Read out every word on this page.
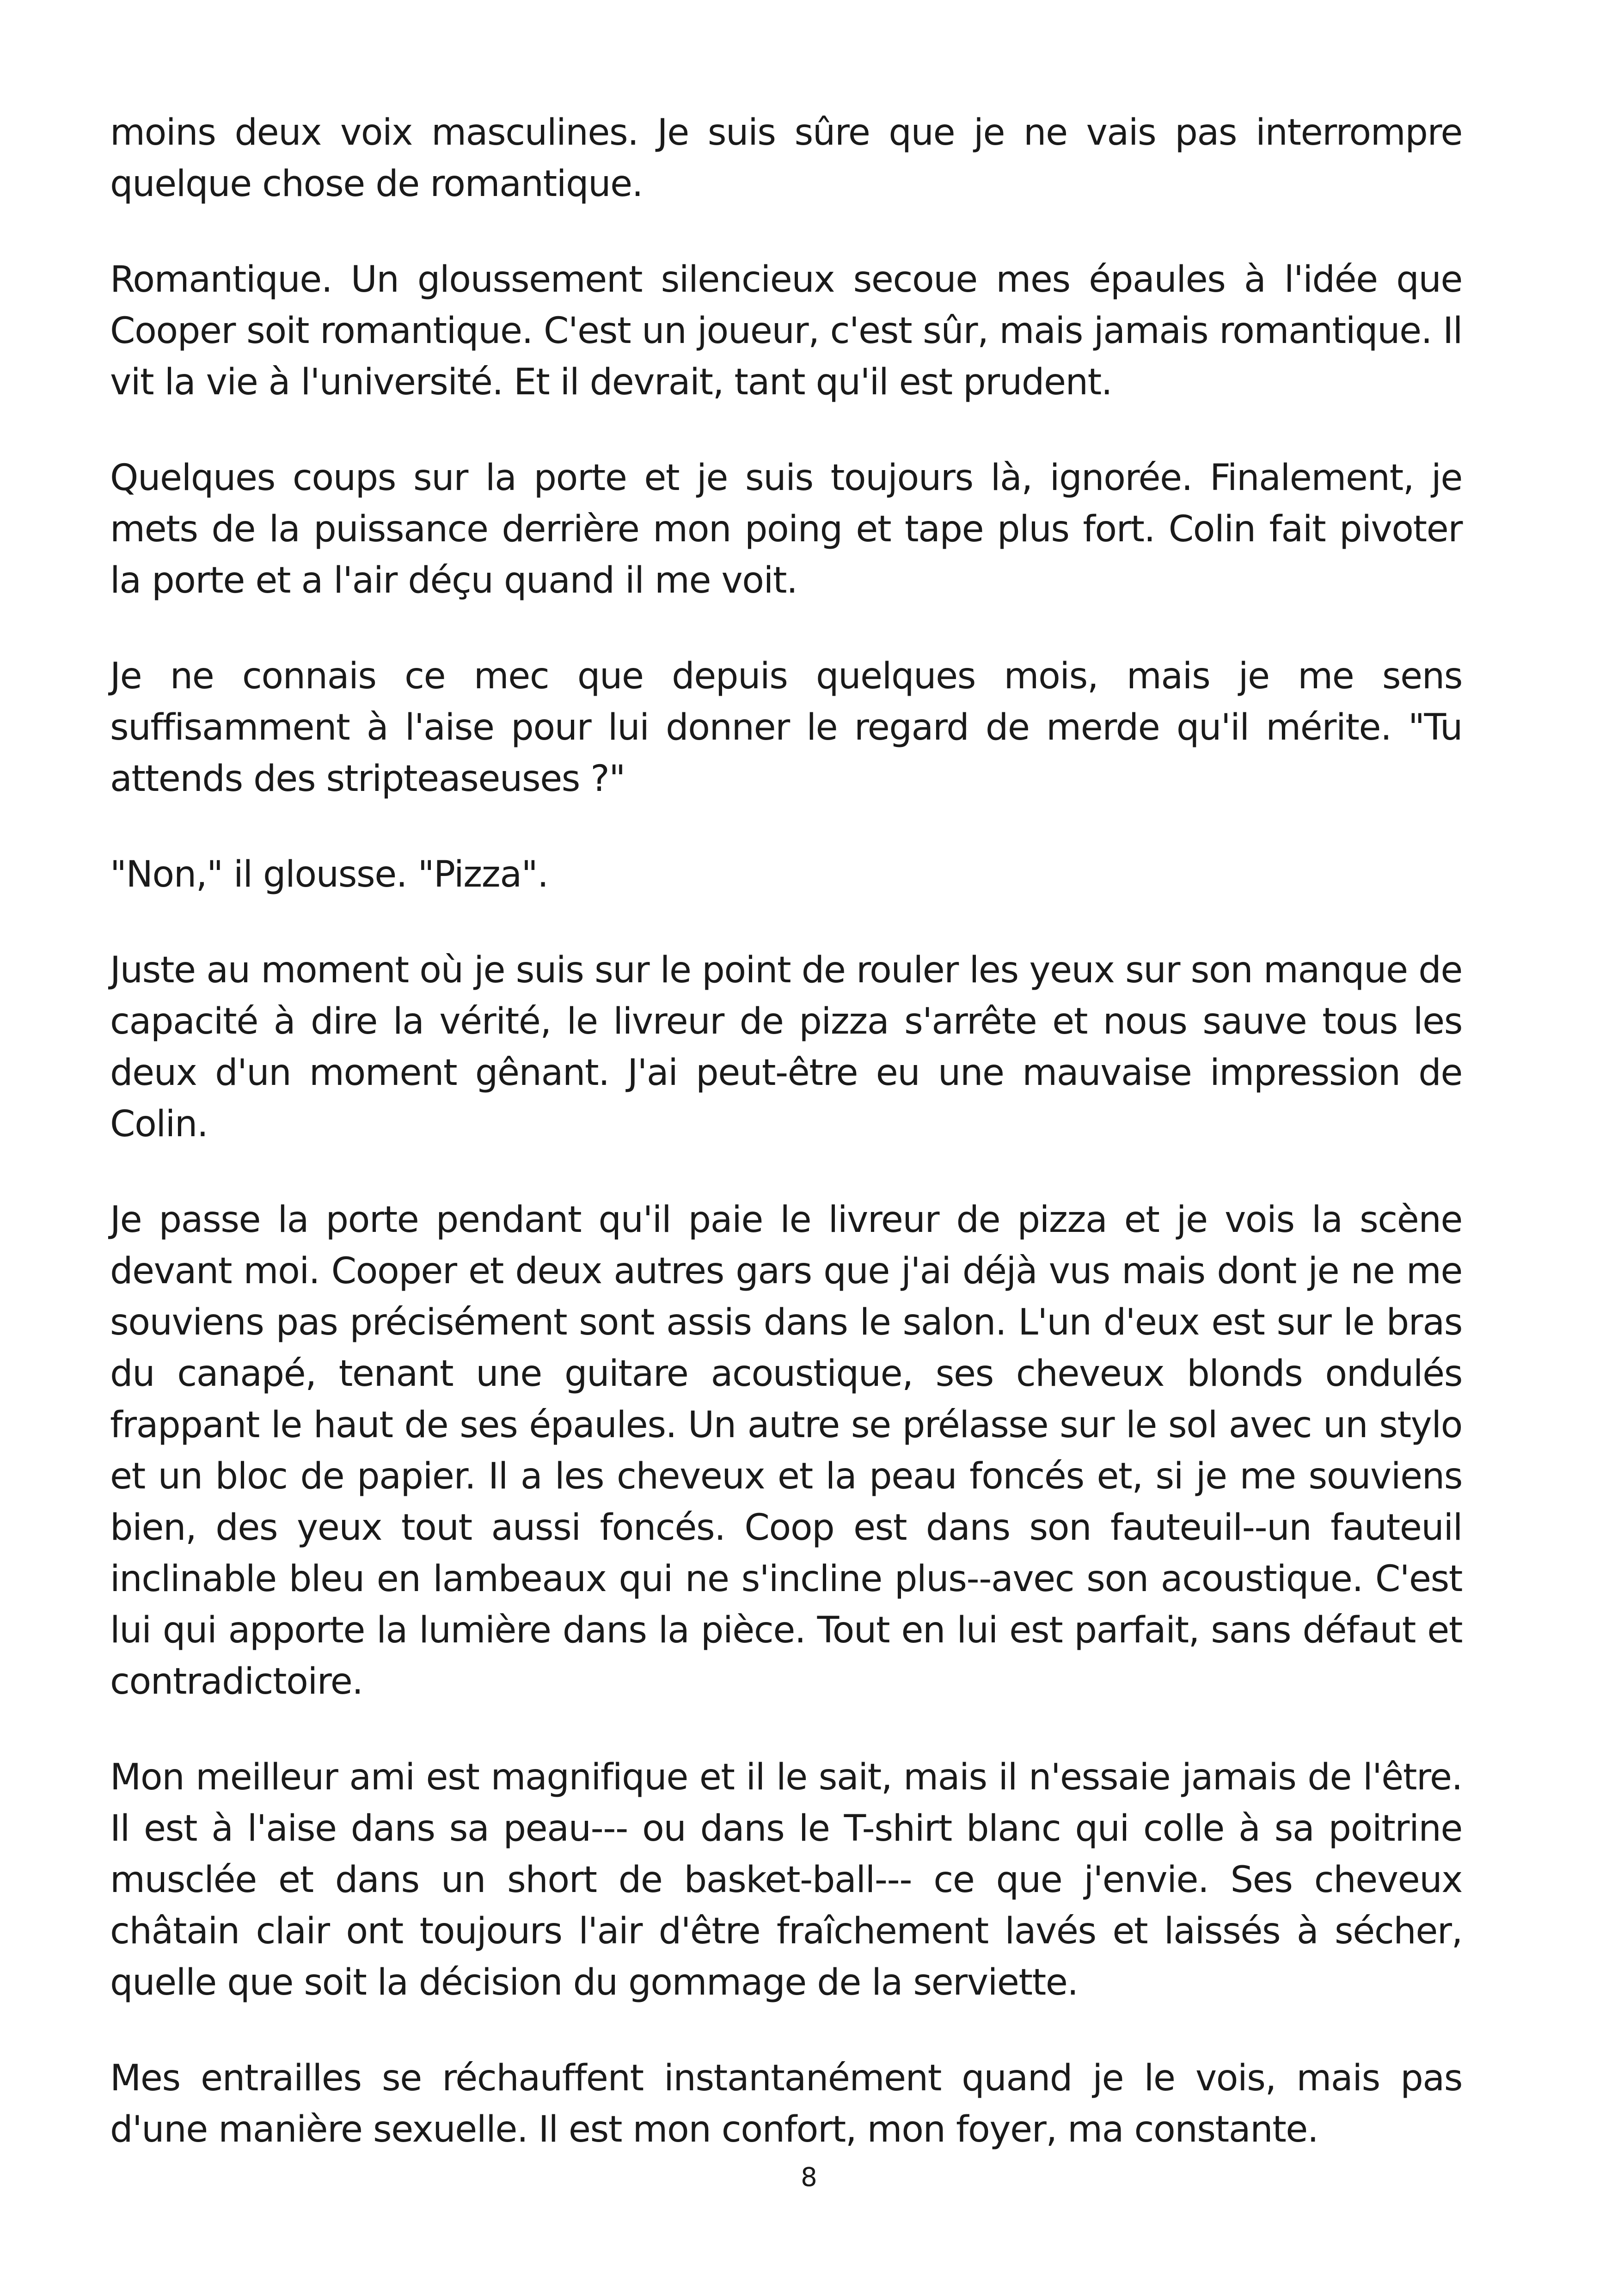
moins deux voix masculines. Je suis sûre que je ne vais pas interrompre quelque chose de romantique.

Romantique. Un gloussement silencieux secoue mes épaules à l'idée que Cooper soit romantique. C'est un joueur, c'est sûr, mais jamais romantique. Il vit la vie à l'université. Et il devrait, tant qu'il est prudent.

Quelques coups sur la porte et je suis toujours là, ignorée. Finalement, je mets de la puissance derrière mon poing et tape plus fort. Colin fait pivoter la porte et a l'air déçu quand il me voit.

Je ne connais ce mec que depuis quelques mois, mais je me sens suffisamment à l'aise pour lui donner le regard de merde qu'il mérite. "Tu attends des stripteaseuses ?"

"Non," il glousse. "Pizza".

Juste au moment où je suis sur le point de rouler les yeux sur son manque de capacité à dire la vérité, le livreur de pizza s'arrête et nous sauve tous les deux d'un moment gênant. J'ai peut-être eu une mauvaise impression de Colin.

Je passe la porte pendant qu'il paie le livreur de pizza et je vois la scène devant moi. Cooper et deux autres gars que j'ai déjà vus mais dont je ne me souviens pas précisément sont assis dans le salon. L'un d'eux est sur le bras du canapé, tenant une guitare acoustique, ses cheveux blonds ondulés frappant le haut de ses épaules. Un autre se prélasse sur le sol avec un stylo et un bloc de papier. Il a les cheveux et la peau foncés et, si je me souviens bien, des yeux tout aussi foncés. Coop est dans son fauteuil--un fauteuil inclinable bleu en lambeaux qui ne s'incline plus--avec son acoustique. C'est lui qui apporte la lumière dans la pièce. Tout en lui est parfait, sans défaut et contradictoire.

Mon meilleur ami est magnifique et il le sait, mais il n'essaie jamais de l'être. Il est à l'aise dans sa peau--- ou dans le T-shirt blanc qui colle à sa poitrine musclée et dans un short de basket-ball--- ce que j'envie. Ses cheveux châtain clair ont toujours l'air d'être fraîchement lavés et laissés à sécher, quelle que soit la décision du gommage de la serviette.

Mes entrailles se réchauffent instantanément quand je le vois, mais pas d'une manière sexuelle. Il est mon confort, mon foyer, ma constante.

8
